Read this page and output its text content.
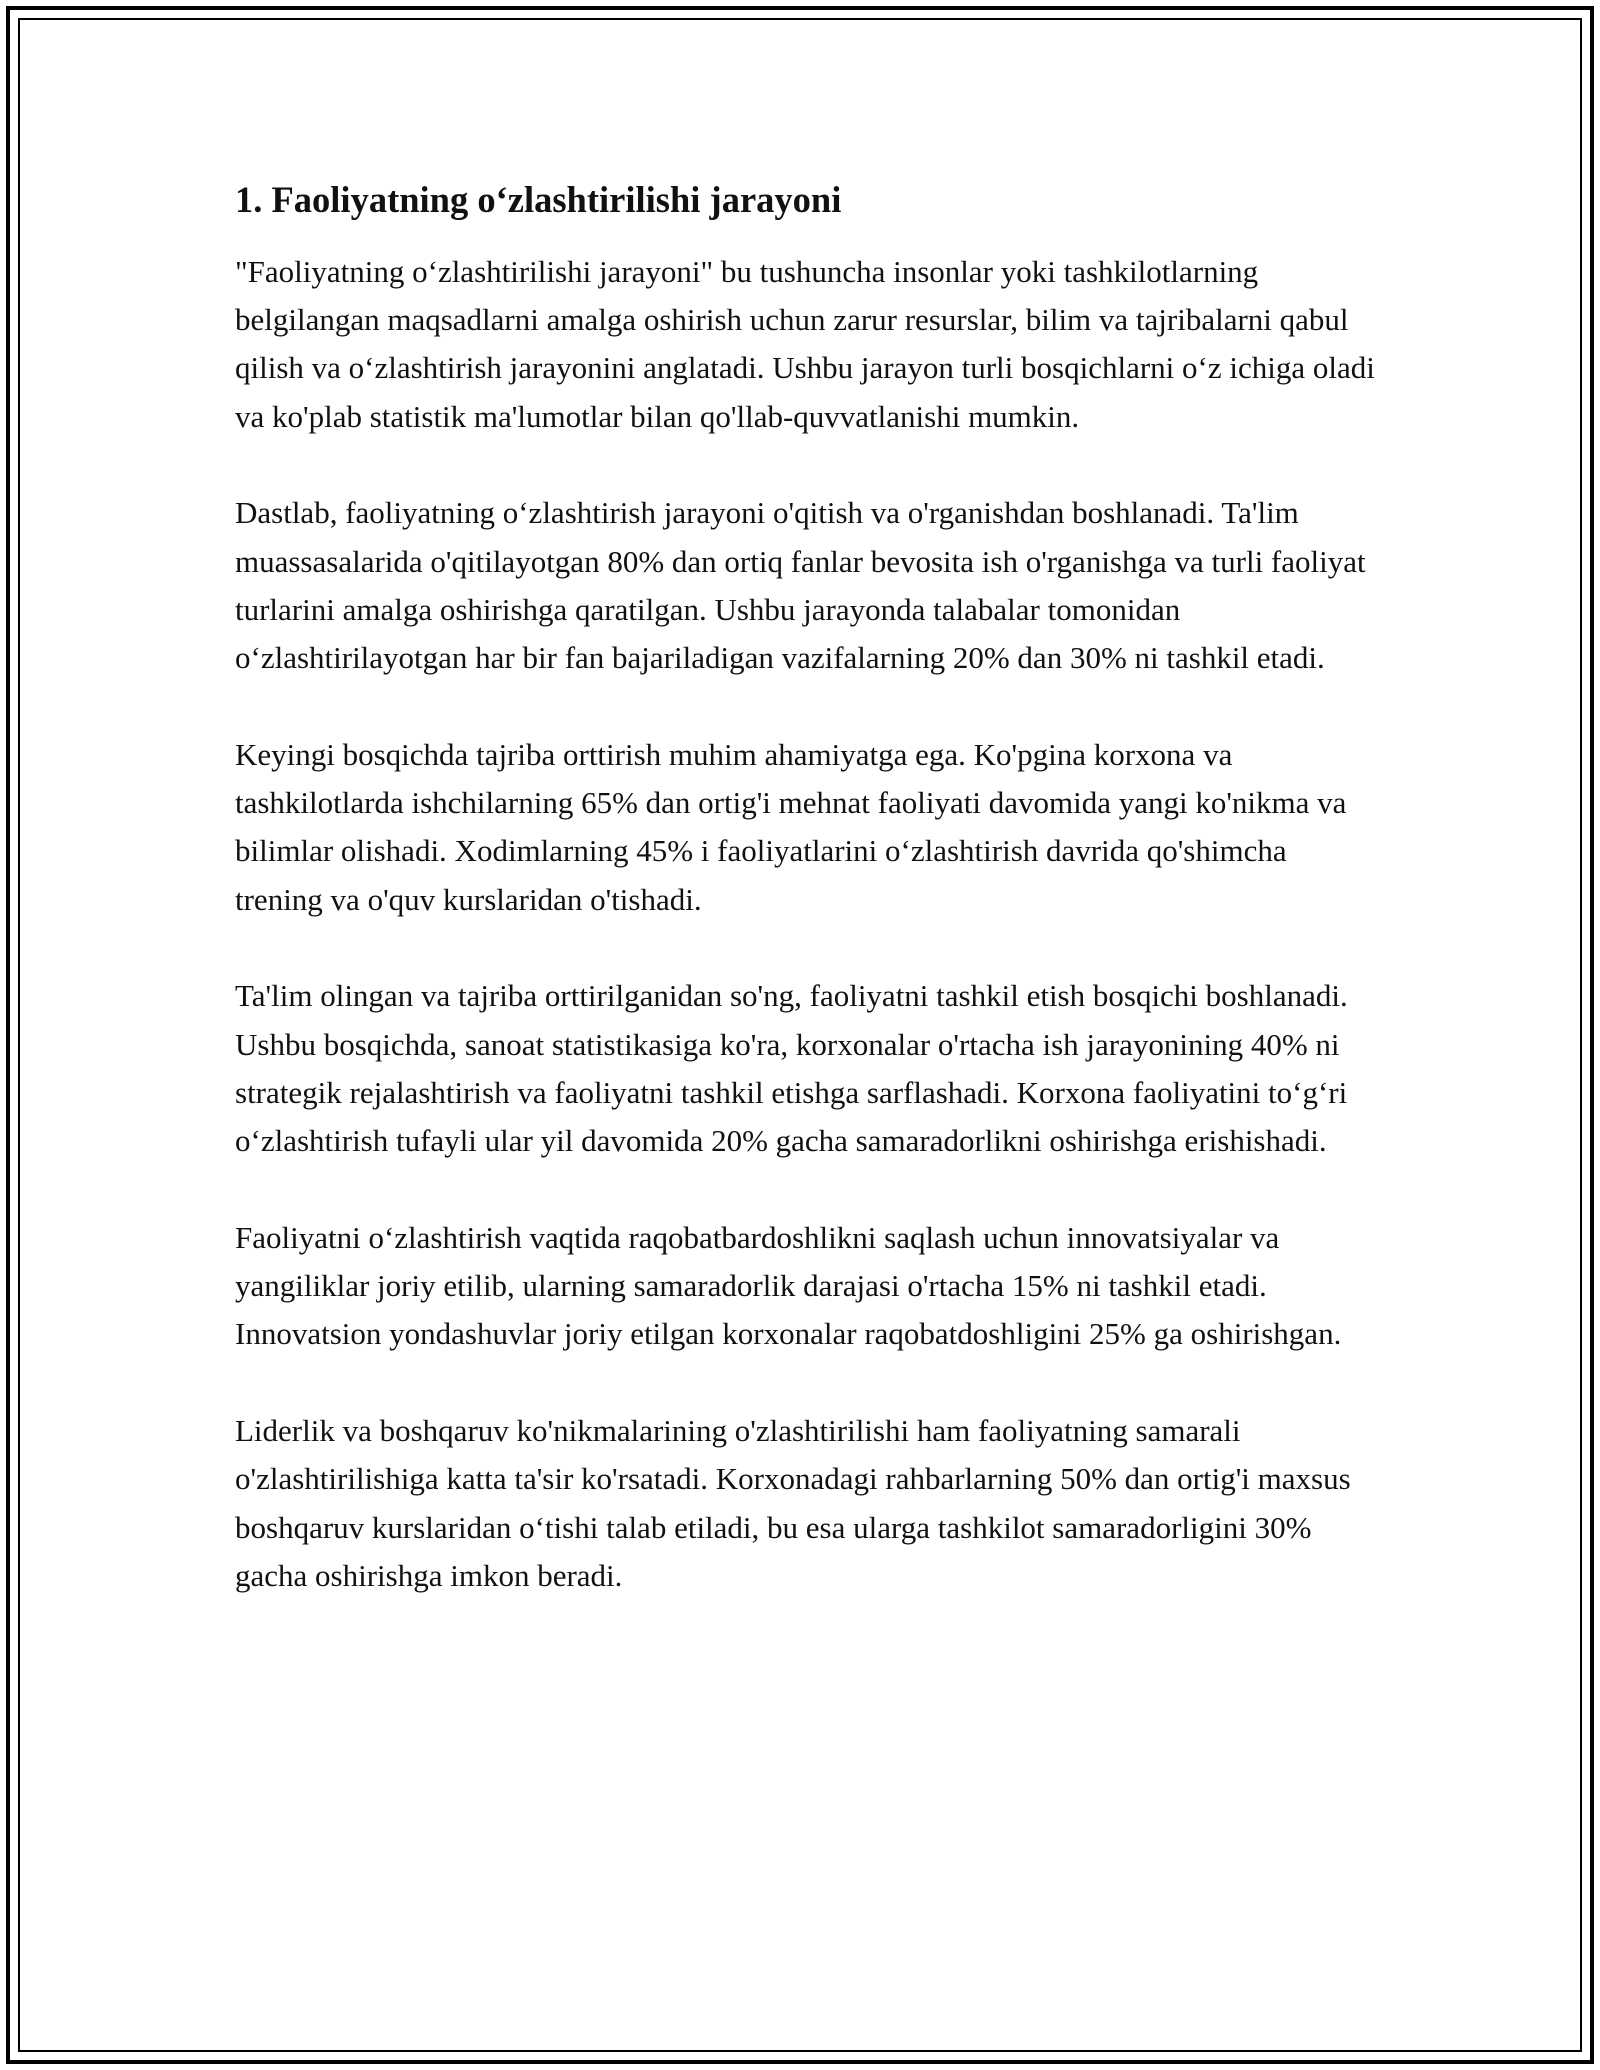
1. Faoliyatning o‘zlashtirilishi jarayoni

"Faoliyatning o‘zlashtirilishi jarayoni" bu tushuncha insonlar yoki tashkilotlarning belgilangan maqsadlarni amalga oshirish uchun zarur resurslar, bilim va tajribalarni qabul qilish va o‘zlashtirish jarayonini anglatadi. Ushbu jarayon turli bosqichlarni o‘z ichiga oladi va ko'plab statistik ma'lumotlar bilan qo'llab-quvvatlanishi mumkin.

Dastlab, faoliyatning o‘zlashtirish jarayoni o'qitish va o'rganishdan boshlanadi. Ta'lim muassasalarida o'qitilayotgan 80% dan ortiq fanlar bevosita ish o'rganishga va turli faoliyat turlarini amalga oshirishga qaratilgan. Ushbu jarayonda talabalar tomonidan o‘zlashtirilayotgan har bir fan bajariladigan vazifalarning 20% dan 30% ni tashkil etadi.

Keyingi bosqichda tajriba orttirish muhim ahamiyatga ega. Ko'pgina korxona va tashkilotlarda ishchilarning 65% dan ortig'i mehnat faoliyati davomida yangi ko'nikma va bilimlar olishadi. Xodimlarning 45% i faoliyatlarini o‘zlashtirish davrida qo'shimcha trening va o'quv kurslaridan o'tishadi.

Ta'lim olingan va tajriba orttirilganidan so'ng, faoliyatni tashkil etish bosqichi boshlanadi. Ushbu bosqichda, sanoat statistikasiga ko'ra, korxonalar o'rtacha ish jarayonining 40% ni strategik rejalashtirish va faoliyatni tashkil etishga sarflashadi. Korxona faoliyatini to‘g‘ri o‘zlashtirish tufayli ular yil davomida 20% gacha samaradorlikni oshirishga erishishadi.

Faoliyatni o‘zlashtirish vaqtida raqobatbardoshlikni saqlash uchun innovatsiyalar va yangiliklar joriy etilib, ularning samaradorlik darajasi o'rtacha 15% ni tashkil etadi. Innovatsion yondashuvlar joriy etilgan korxonalar raqobatdoshligini 25% ga oshirishgan.

Liderlik va boshqaruv ko'nikmalarining o'zlashtirilishi ham faoliyatning samarali o'zlashtirilishiga katta ta'sir ko'rsatadi. Korxonadagi rahbarlarning 50% dan ortig'i maxsus boshqaruv kurslaridan o‘tishi talab etiladi, bu esa ularga tashkilot samaradorligini 30% gacha oshirishga imkon beradi.
